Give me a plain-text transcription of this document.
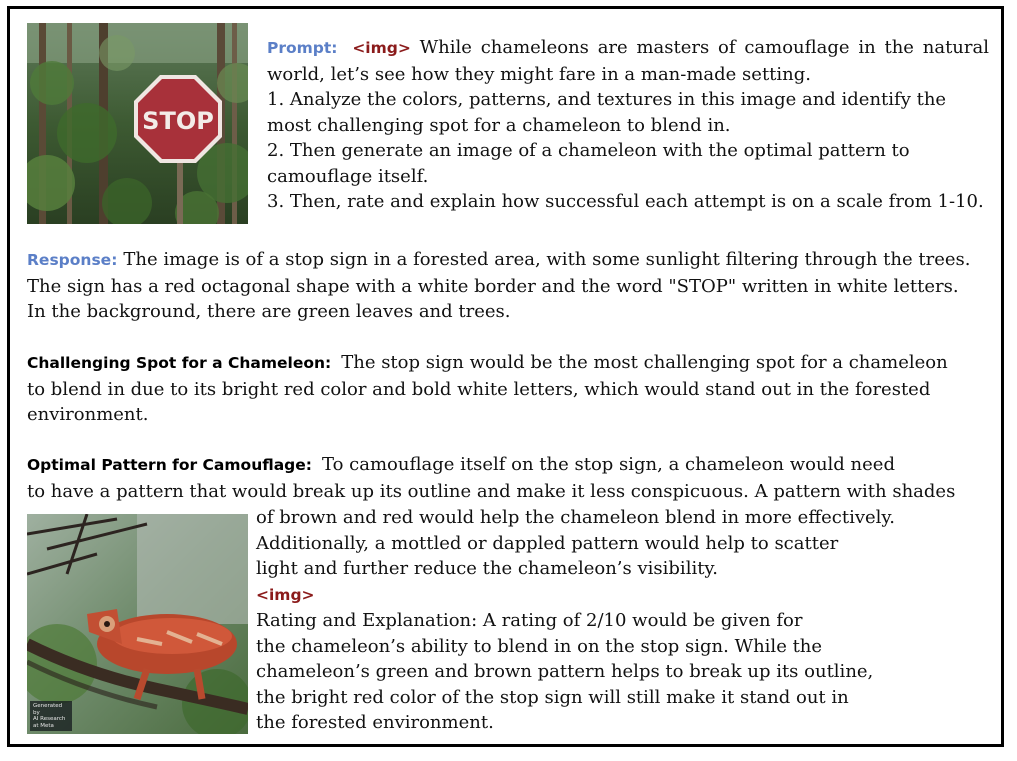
STOP
Prompt: <img> While chameleons are masters of camouflage in the natural
world, let’s see how they might fare in a man-made setting.
1. Analyze the colors, patterns, and textures in this image and identify the
most challenging spot for a chameleon to blend in.
2. Then generate an image of a chameleon with the optimal pattern to
camouflage itself.
3. Then, rate and explain how successful each attempt is on a scale from 1-10.
Response: The image is of a stop sign in a forested area, with some sunlight filtering through the trees.
The sign has a red octagonal shape with a white border and the word "STOP" written in white letters.
In the background, there are green leaves and trees.
Challenging Spot for a Chameleon: The stop sign would be the most challenging spot for a chameleon
to blend in due to its bright red color and bold white letters, which would stand out in the forested
environment.
Optimal Pattern for Camouflage: To camouflage itself on the stop sign, a chameleon would need
to have a pattern that would break up its outline and make it less conspicuous. A pattern with shades
Generated by
AI Research
at Meta
of brown and red would help the chameleon blend in more effectively.
Additionally, a mottled or dappled pattern would help to scatter
light and further reduce the chameleon’s visibility.
<img>
Rating and Explanation: A rating of 2/10 would be given for
the chameleon’s ability to blend in on the stop sign. While the
chameleon’s green and brown pattern helps to break up its outline,
the bright red color of the stop sign will still make it stand out in
the forested environment.
